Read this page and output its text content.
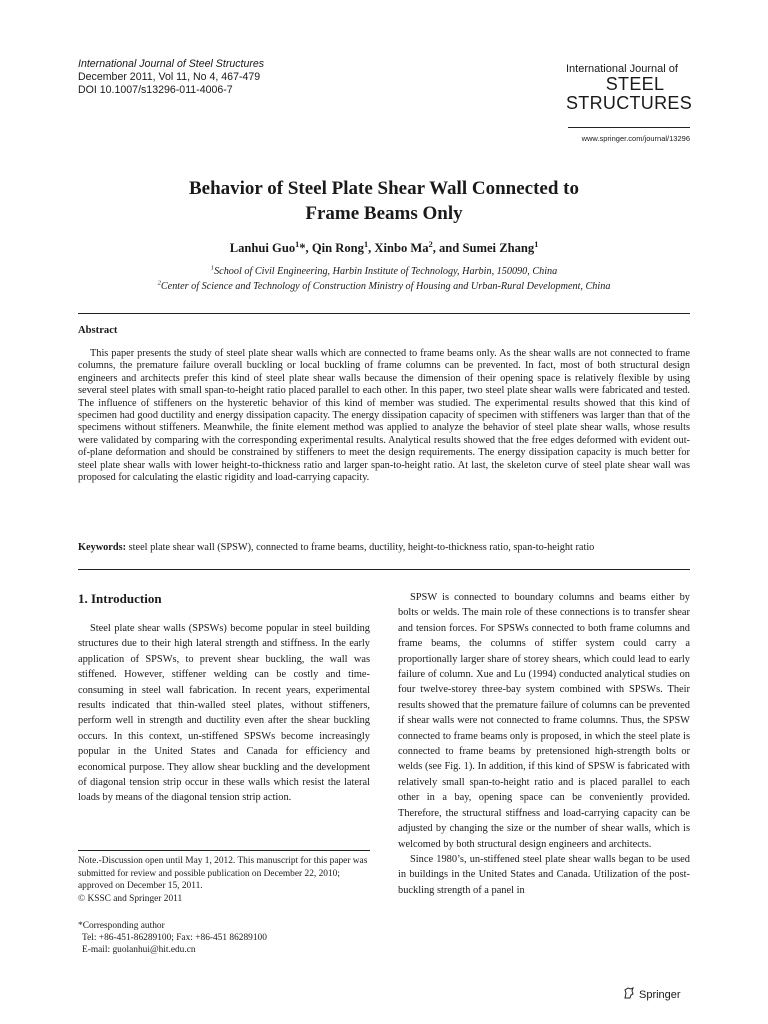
International Journal of Steel Structures
December 2011, Vol 11, No 4, 467-479
DOI 10.1007/s13296-011-4006-7
International Journal of
STEEL
STRUCTURES
www.springer.com/journal/13296
Behavior of Steel Plate Shear Wall Connected to
Frame Beams Only
Lanhui Guo$^1$*, Qin Rong$^1$, Xinbo Ma$^2$, and Sumei Zhang$^1$
$^1$School of Civil Engineering, Harbin Institute of Technology, Harbin, 150090, China
$^2$Center of Science and Technology of Construction Ministry of Housing and Urban-Rural Development, China
Abstract
This paper presents the study of steel plate shear walls which are connected to frame beams only. As the shear walls are not connected to frame columns, the premature failure overall buckling or local buckling of frame columns can be prevented. In fact, most of both structural design engineers and architects prefer this kind of steel plate shear walls because the dimension of their opening space is relatively flexible by using several steel plates with small span-to-height ratio placed parallel to each other. In this paper, two steel plate shear walls were fabricated and tested. The influence of stiffeners on the hysteretic behavior of this kind of member was studied. The experimental results showed that this kind of specimen had good ductility and energy dissipation capacity. The energy dissipation capacity of specimen with stiffeners was larger than that of the specimens without stiffeners. Meanwhile, the finite element method was applied to analyze the behavior of steel plate shear walls, whose results were validated by comparing with the corresponding experimental results. Analytical results showed that the free edges deformed with evident out-of-plane deformation and should be constrained by stiffeners to meet the design requirements. The energy dissipation capacity is much better for steel plate shear walls with lower height-to-thickness ratio and larger span-to-height ratio. At last, the skeleton curve of steel plate shear wall was proposed for calculating the elastic rigidity and load-carrying capacity.
Keywords: steel plate shear wall (SPSW), connected to frame beams, ductility, height-to-thickness ratio, span-to-height ratio
1. Introduction
Steel plate shear walls (SPSWs) become popular in steel building structures due to their high lateral strength and stiffness. In the early application of SPSWs, to prevent shear buckling, the wall was stiffened. However, stiffener welding can be costly and time-consuming in steel wall fabrication. In recent years, experimental results indicated that thin-walled steel plates, without stiffeners, perform well in strength and ductility even after the shear buckling occurs. In this context, un-stiffened SPSWs become increasingly popular in the United States and Canada for efficiency and economical purpose. They allow shear buckling and the development of diagonal tension strip occur in these walls which resist the lateral loads by means of the diagonal tension strip action.
Note.-Discussion open until May 1, 2012. This manuscript for this paper was submitted for review and possible publication on December 22, 2010; approved on December 15, 2011.
© KSSC and Springer 2011
*Corresponding author
Tel: +86-451-86289100; Fax: +86-451 86289100
E-mail: guolanhui@hit.edu.cn

SPSW is connected to boundary columns and beams either by bolts or welds. The main role of these connections is to transfer shear and tension forces. For SPSWs connected to both frame columns and frame beams, the columns of stiffer system could carry a proportionally larger share of storey shears, which could lead to early failure of column. Xue and Lu (1994) conducted analytical studies on four twelve-storey three-bay system combined with SPSWs. Their results showed that the premature failure of columns can be prevented if shear walls were not connected to frame columns. Thus, the SPSW connected to frame beams only is proposed, in which the steel plate is connected to frame beams by pretensioned high-strength bolts or welds (see Fig. 1). In addition, if this kind of SPSW is fabricated with relatively small span-to-height ratio and is placed parallel to each other in a bay, opening space can be conveniently provided. Therefore, the structural stiffness and load-carrying capacity can be adjusted by changing the size or the number of shear walls, which is welcomed by both structural design engineers and architects.

Since 1980’s, un-stiffened steel plate shear walls began to be used in buildings in the United States and Canada. Utilization of the post-buckling strength of a panel in

Springer
